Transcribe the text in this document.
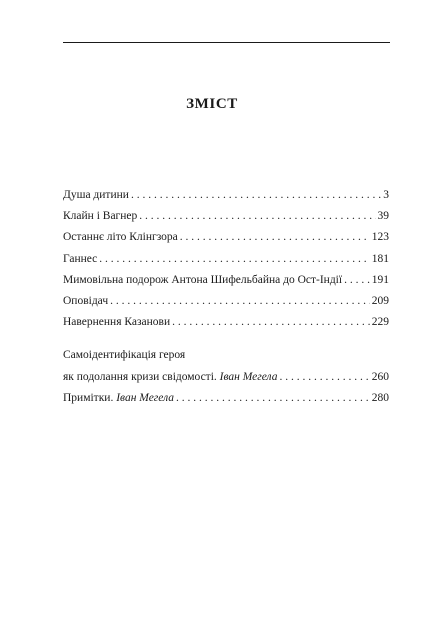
ЗМІСТ
Душа дитини . . .	3
Клайн і Вагнер . . .	39
Останнє літо Клінгзора . . .	123
Ганнес . . .	181
Мимовільна подорож Антона Шифельбайна до Ост-Індії . . .	191
Оповідач . . .	209
Навернення Казанови . . .	229
Самоідентифікація героя
як подолання кризи свідомості. Іван Мегела . . .	260
Примітки. Іван Мегела . . .	280
